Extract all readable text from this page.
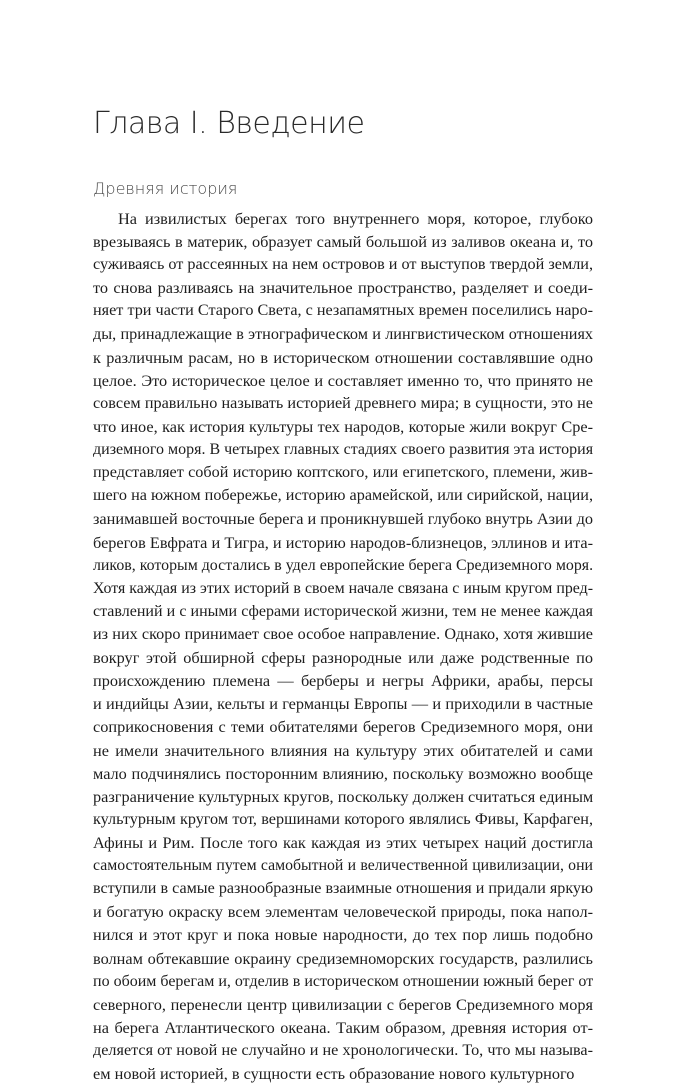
Глава I. Введение
Древняя история
На извилистых берегах того внутреннего моря, которое, глубоко
врезываясь в материк, образует самый большой из заливов океана и, то
суживаясь от рассеянных на нем островов и от выступов твердой земли,
то снова разливаясь на значительное пространство, разделяет и соеди-
няет три части Старого Света, с незапамятных времен поселились наро-
ды, принадлежащие в этнографическом и лингвистическом отношениях
к различным расам, но в историческом отношении составлявшие одно
целое. Это историческое целое и составляет именно то, что принято не
совсем правильно называть историей древнего мира; в сущности, это не
что иное, как история культуры тех народов, которые жили вокруг Сре-
диземного моря. В четырех главных стадиях своего развития эта история
представляет собой историю коптского, или египетского, племени, жив-
шего на южном побережье, историю арамейской, или сирийской, нации,
занимавшей восточные берега и проникнувшей глубоко внутрь Азии до
берегов Евфрата и Тигра, и историю народов-близнецов, эллинов и ита-
ликов, которым достались в удел европейские берега Средиземного моря.
Хотя каждая из этих историй в своем начале связана с иным кругом пред-
ставлений и с иными сферами исторической жизни, тем не менее каждая
из них скоро принимает свое особое направление. Однако, хотя жившие
вокруг этой обширной сферы разнородные или даже родственные по
происхождению племена — берберы и негры Африки, арабы, персы
и индийцы Азии, кельты и германцы Европы — и приходили в частные
соприкосновения с теми обитателями берегов Средиземного моря, они
не имели значительного влияния на культуру этих обитателей и сами
мало подчинялись посторонним влиянию, поскольку возможно вообще
разграничение культурных кругов, поскольку должен считаться единым
культурным кругом тот, вершинами которого являлись Фивы, Карфаген,
Афины и Рим. После того как каждая из этих четырех наций достигла
самостоятельным путем самобытной и величественной цивилизации, они
вступили в самые разнообразные взаимные отношения и придали яркую
и богатую окраску всем элементам человеческой природы, пока напол-
нился и этот круг и пока новые народности, до тех пор лишь подобно
волнам обтекавшие окраину средиземноморских государств, разлились
по обоим берегам и, отделив в историческом отношении южный берег от
северного, перенесли центр цивилизации с берегов Средиземного моря
на берега Атлантического океана. Таким образом, древняя история от-
деляется от новой не случайно и не хронологически. То, что мы называ-
ем новой историей, в сущности есть образование нового культурного
